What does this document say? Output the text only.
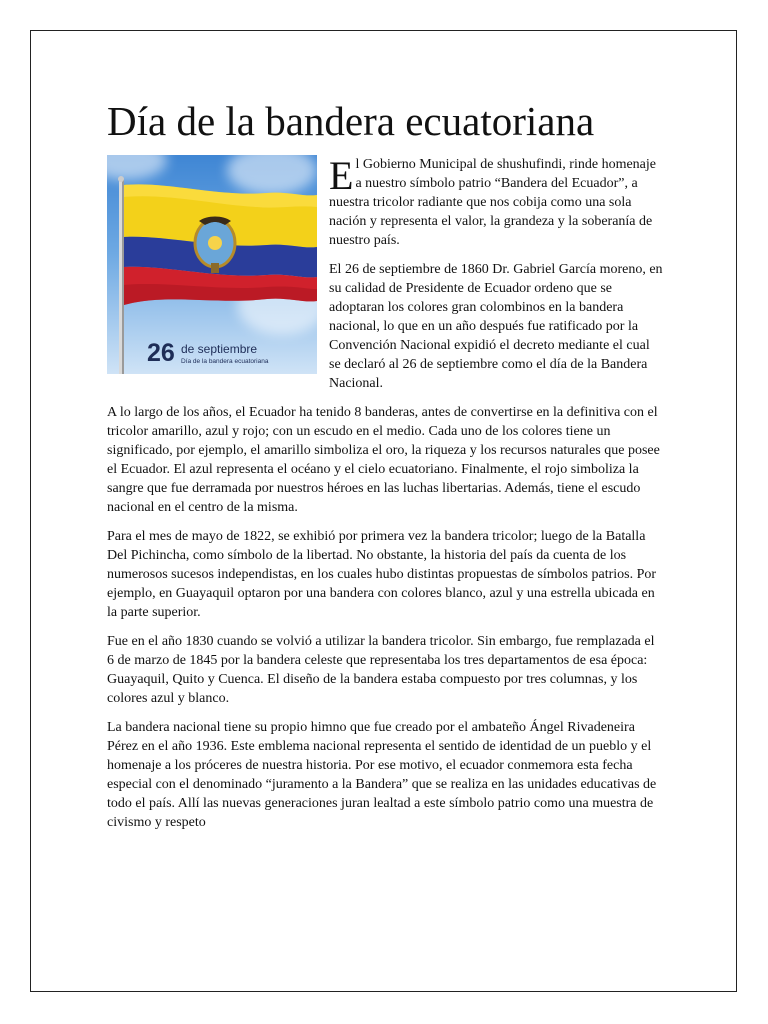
Día de la bandera ecuatoriana
26 de septiembre
Día de la bandera ecuatoriana

El Gobierno Municipal de shushufindi, rinde homenaje a nuestro símbolo patrio “Bandera del Ecuador”, a nuestra tricolor radiante que nos cobija como una sola nación y representa el valor, la grandeza y la soberanía de nuestro país.

El 26 de septiembre de 1860 Dr. Gabriel García moreno, en su calidad de Presidente de Ecuador ordeno que se adoptaran los colores gran colombinos en la bandera nacional, lo que en un año después fue ratificado por la Convención Nacional expidió el decreto mediante el cual se declaró al 26 de septiembre como el día de la Bandera Nacional.

A lo largo de los años, el Ecuador ha tenido 8 banderas, antes de convertirse en la definitiva con el tricolor amarillo, azul y rojo; con un escudo en el medio. Cada uno de los colores tiene un significado, por ejemplo, el amarillo simboliza el oro, la riqueza y los recursos naturales que posee el Ecuador. El azul representa el océano y el cielo ecuatoriano. Finalmente, el rojo simboliza la sangre que fue derramada por nuestros héroes en las luchas libertarias. Además, tiene el escudo nacional en el centro de la misma.

Para el mes de mayo de 1822, se exhibió por primera vez la bandera tricolor; luego de la Batalla Del Pichincha, como símbolo de la libertad. No obstante, la historia del país da cuenta de los numerosos sucesos independistas, en los cuales hubo distintas propuestas de símbolos patrios. Por ejemplo, en Guayaquil optaron por una bandera con colores blanco, azul y una estrella ubicada en la parte superior.

Fue en el año 1830 cuando se volvió a utilizar la bandera tricolor. Sin embargo, fue remplazada el 6 de marzo de 1845 por la bandera celeste que representaba los tres departamentos de esa época: Guayaquil, Quito y Cuenca. El diseño de la bandera estaba compuesto por tres columnas, y los colores azul y blanco.

La bandera nacional tiene su propio himno que fue creado por el ambateño Ángel Rivadeneira Pérez en el año 1936. Este emblema nacional representa el sentido de identidad de un pueblo y el homenaje a los próceres de nuestra historia. Por ese motivo, el ecuador conmemora esta fecha especial con el denominado “juramento a la Bandera” que se realiza en las unidades educativas de todo el país. Allí las nuevas generaciones juran lealtad a este símbolo patrio como una muestra de civismo y respeto
